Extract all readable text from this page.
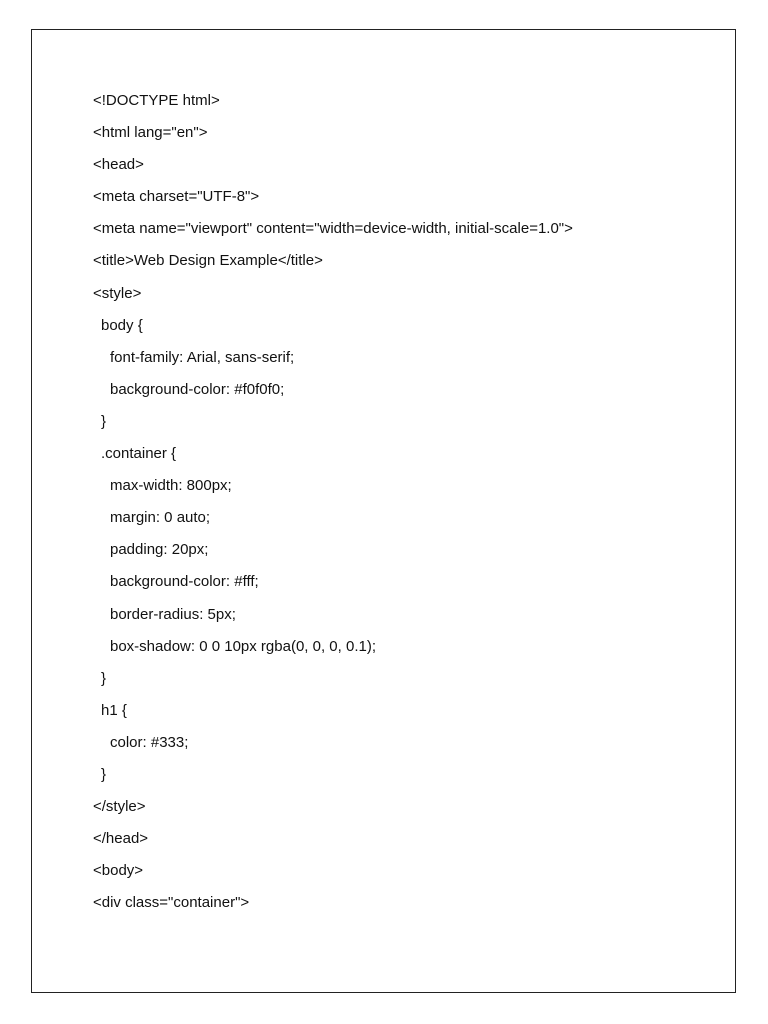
<!DOCTYPE html>
<html lang="en">
<head>
<meta charset="UTF-8">
<meta name="viewport" content="width=device-width, initial-scale=1.0">
<title>Web Design Example</title>
<style>
body {
font-family: Arial, sans-serif;
background-color: #f0f0f0;
}
.container {
max-width: 800px;
margin: 0 auto;
padding: 20px;
background-color: #fff;
border-radius: 5px;
box-shadow: 0 0 10px rgba(0, 0, 0, 0.1);
}
h1 {
color: #333;
}
</style>
</head>
<body>
<div class="container">
